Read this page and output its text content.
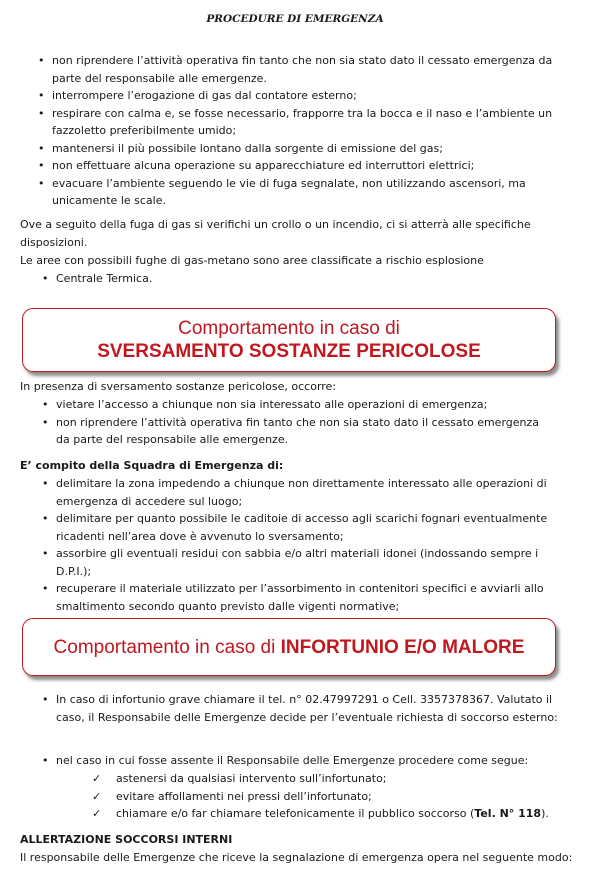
PROCEDURE DI EMERGENZA
• non riprendere l’attività operativa fin tanto che non sia stato dato il cessato emergenza da parte del responsabile alle emergenze.
• interrompere l’erogazione di gas dal contatore esterno;
• respirare con calma e, se fosse necessario, frapporre tra la bocca e il naso e l’ambiente un fazzoletto preferibilmente umido;
• mantenersi il più possibile lontano dalla sorgente di emissione del gas;
• non effettuare alcuna operazione su apparecchiature ed interruttori elettrici;
• evacuare l’ambiente seguendo le vie di fuga segnalate, non utilizzando ascensori, ma unicamente le scale.

Ove a seguito della fuga di gas si verifichi un crollo o un incendio, ci si atterrà alle specifiche disposizioni.

Le aree con possibili fughe di gas-metano sono aree classificate a rischio esplosione

• Centrale Termica.
Comportamento in caso di
SVERSAMENTO SOSTANZE PERICOLOSE

In presenza di sversamento sostanze pericolose, occorre:

• vietare l’accesso a chiunque non sia interessato alle operazioni di emergenza;
• non riprendere l’attività operativa fin tanto che non sia stato dato il cessato emergenza da parte del responsabile alle emergenze.

E’ compito della Squadra di Emergenza di:

• delimitare la zona impedendo a chiunque non direttamente interessato alle operazioni di emergenza di accedere sul luogo;
• delimitare per quanto possibile le caditoie di accesso agli scarichi fognari eventualmente ricadenti nell’area dove è avvenuto lo sversamento;
• assorbire gli eventuali residui con sabbia e/o altri materiali idonei (indossando sempre i D.P.I.);
• recuperare il materiale utilizzato per l’assorbimento in contenitori specifici e avviarli allo smaltimento secondo quanto previsto dalle vigenti normative;
Comportamento in caso di INFORTUNIO E/O MALORE
• In caso di infortunio grave chiamare il tel. n° 02.47997291 o Cell. 3357378367. Valutato il caso, il Responsabile delle Emergenze decide per l’eventuale richiesta di soccorso esterno:
• nel caso in cui fosse assente il Responsabile delle Emergenze procedere come segue:
✓ astenersi da qualsiasi intervento sull’infortunato;
✓ evitare affollamenti nei pressi dell’infortunato;
✓ chiamare e/o far chiamare telefonicamente il pubblico soccorso (Tel. N° 118).

ALLERTAZIONE SOCCORSI INTERNI

Il responsabile delle Emergenze che riceve la segnalazione di emergenza opera nel seguente modo:
